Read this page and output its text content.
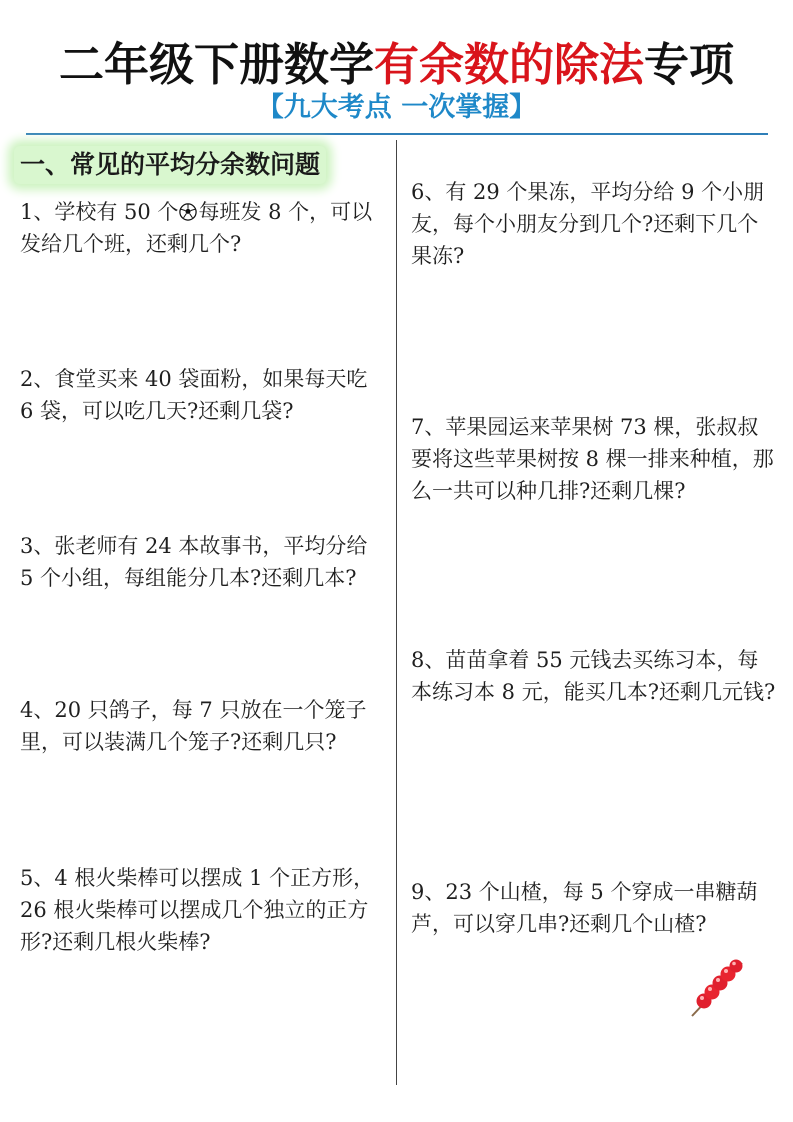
二年级下册数学有余数的除法专项
【九大考点 一次掌握】
一、常见的平均分余数问题

1、学校有 50 个 每班发 8 个，可以发给几个班，还剩几个?

2、食堂买来 40 袋面粉，如果每天吃 6 袋，可以吃几天?还剩几袋?

3、张老师有 24 本故事书，平均分给 5 个小组，每组能分几本?还剩几本?

4、20 只鸽子，每 7 只放在一个笼子里，可以装满几个笼子?还剩几只?

5、4 根火柴棒可以摆成 1 个正方形，26 根火柴棒可以摆成几个独立的正方形?还剩几根火柴棒?

6、有 29 个果冻，平均分给 9 个小朋友，每个小朋友分到几个?还剩下几个果冻?

7、苹果园运来苹果树 73 棵，张叔叔要将这些苹果树按 8 棵一排来种植，那么一共可以种几排?还剩几棵?

8、苗苗拿着 55 元钱去买练习本，每本练习本 8 元，能买几本?还剩几元钱?

9、23 个山楂，每 5 个穿成一串糖葫芦，可以穿几串?还剩几个山楂?
